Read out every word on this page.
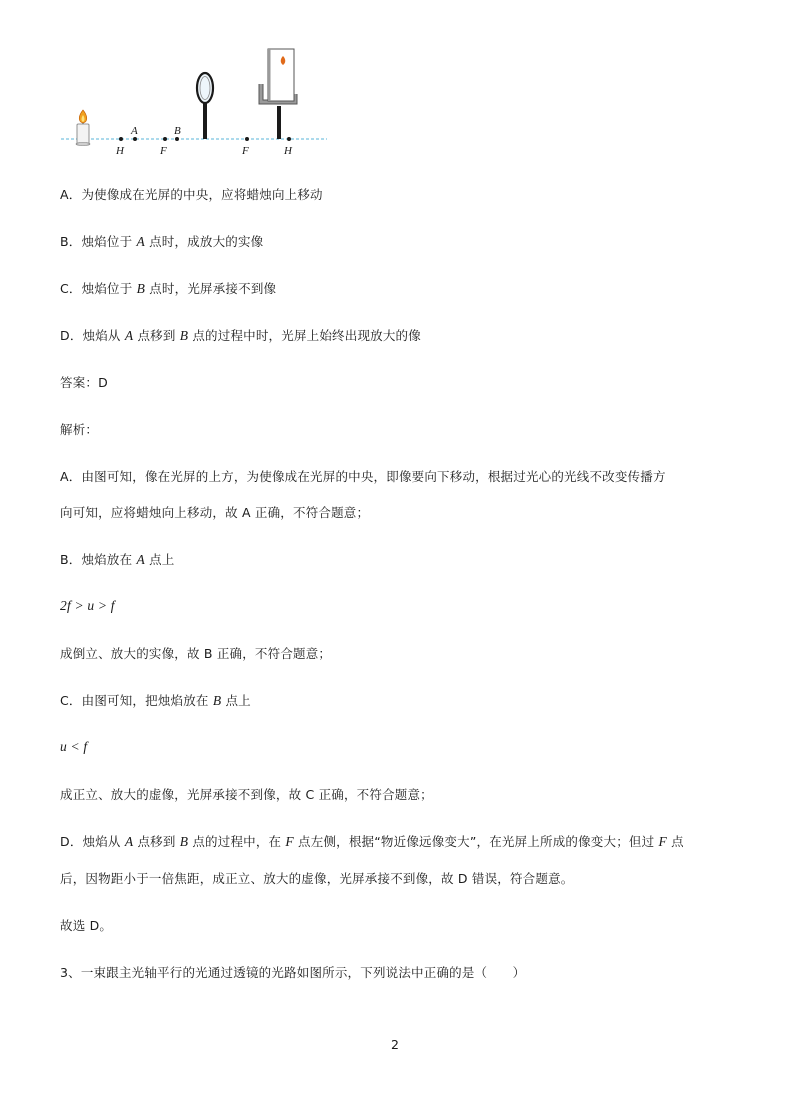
H
A
F
B
F	H
A．为使像成在光屏的中央，应将蜡烛向上移动
B．烛焰位于 A 点时，成放大的实像
C．烛焰位于 B 点时，光屏承接不到像
D．烛焰从 A 点移到 B 点的过程中时，光屏上始终出现放大的像
答案：D
解析：
A．由图可知，像在光屏的上方，为使像成在光屏的中央，即像要向下移动，根据过光心的光线不改变传播方
向可知，应将蜡烛向上移动，故 A 正确，不符合题意；
B．烛焰放在 A 点上
2f > u > f
成倒立、放大的实像，故 B 正确，不符合题意；
C．由图可知，把烛焰放在 B 点上
u < f
成正立、放大的虚像，光屏承接不到像，故 C 正确，不符合题意；
D．烛焰从 A 点移到 B 点的过程中，在 F 点左侧，根据“物近像远像变大”，在光屏上所成的像变大；但过 F 点
后，因物距小于一倍焦距，成正立、放大的虚像，光屏承接不到像，故 D 错误，符合题意。
故选 D。
3、一束跟主光轴平行的光通过透镜的光路如图所示，下列说法中正确的是（　　）
2
